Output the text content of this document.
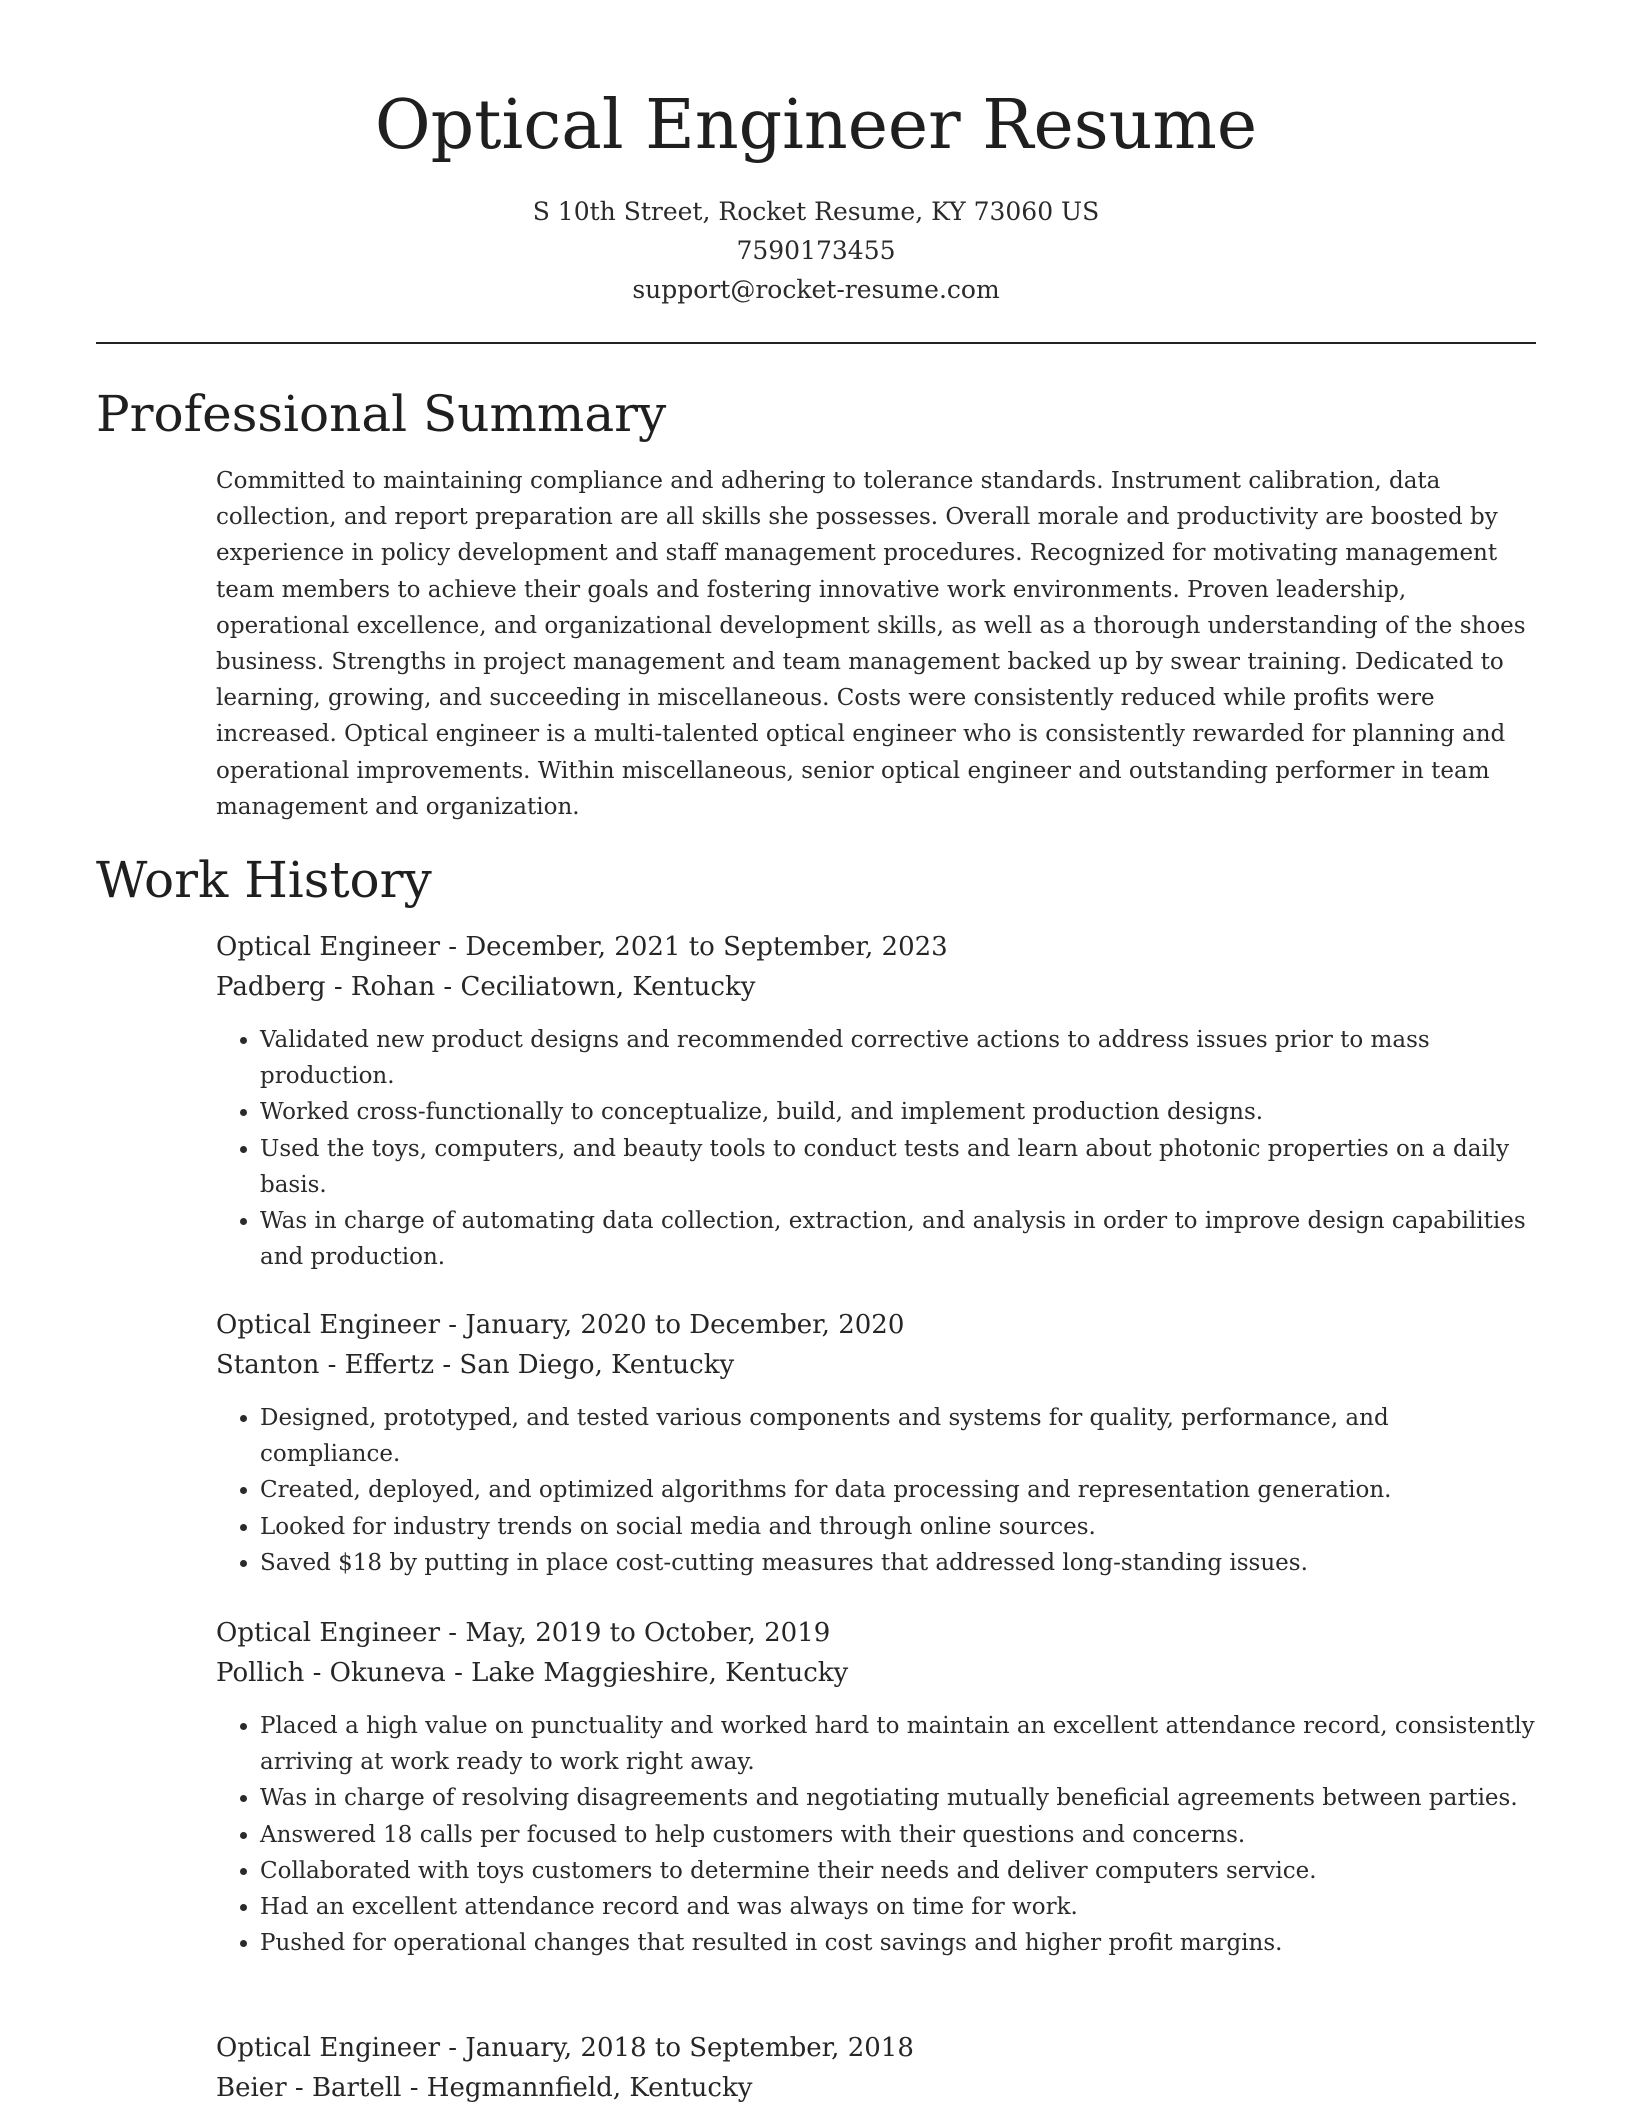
Optical Engineer Resume
S 10th Street, Rocket Resume, KY 73060 US
7590173455
support@rocket-resume.com
Professional Summary

Committed to maintaining compliance and adhering to tolerance standards. Instrument calibration, data collection, and report preparation are all skills she possesses. Overall morale and productivity are boosted by experience in policy development and staff management procedures. Recognized for motivating management team members to achieve their goals and fostering innovative work environments. Proven leadership, operational excellence, and organizational development skills, as well as a thorough understanding of the shoes business. Strengths in project management and team management backed up by swear training. Dedicated to learning, growing, and succeeding in miscellaneous. Costs were consistently reduced while profits were increased. Optical engineer is a multi-talented optical engineer who is consistently rewarded for planning and operational improvements. Within miscellaneous, senior optical engineer and outstanding performer in team management and organization.

Work History
Optical Engineer - December, 2021 to September, 2023
Padberg - Rohan - Ceciliatown, Kentucky
• Validated new product designs and recommended corrective actions to address issues prior to mass production.
• Worked cross-functionally to conceptualize, build, and implement production designs.
• Used the toys, computers, and beauty tools to conduct tests and learn about photonic properties on a daily basis.
• Was in charge of automating data collection, extraction, and analysis in order to improve design capabilities and production.
Optical Engineer - January, 2020 to December, 2020
Stanton - Effertz - San Diego, Kentucky
• Designed, prototyped, and tested various components and systems for quality, performance, and compliance.
• Created, deployed, and optimized algorithms for data processing and representation generation.
• Looked for industry trends on social media and through online sources.
• Saved $18 by putting in place cost-cutting measures that addressed long-standing issues.
Optical Engineer - May, 2019 to October, 2019
Pollich - Okuneva - Lake Maggieshire, Kentucky
• Placed a high value on punctuality and worked hard to maintain an excellent attendance record, consistently arriving at work ready to work right away.
• Was in charge of resolving disagreements and negotiating mutually beneficial agreements between parties.
• Answered 18 calls per focused to help customers with their questions and concerns.
• Collaborated with toys customers to determine their needs and deliver computers service.
• Had an excellent attendance record and was always on time for work.
• Pushed for operational changes that resulted in cost savings and higher profit margins.
Optical Engineer - January, 2018 to September, 2018
Beier - Bartell - Hegmannfield, Kentucky
